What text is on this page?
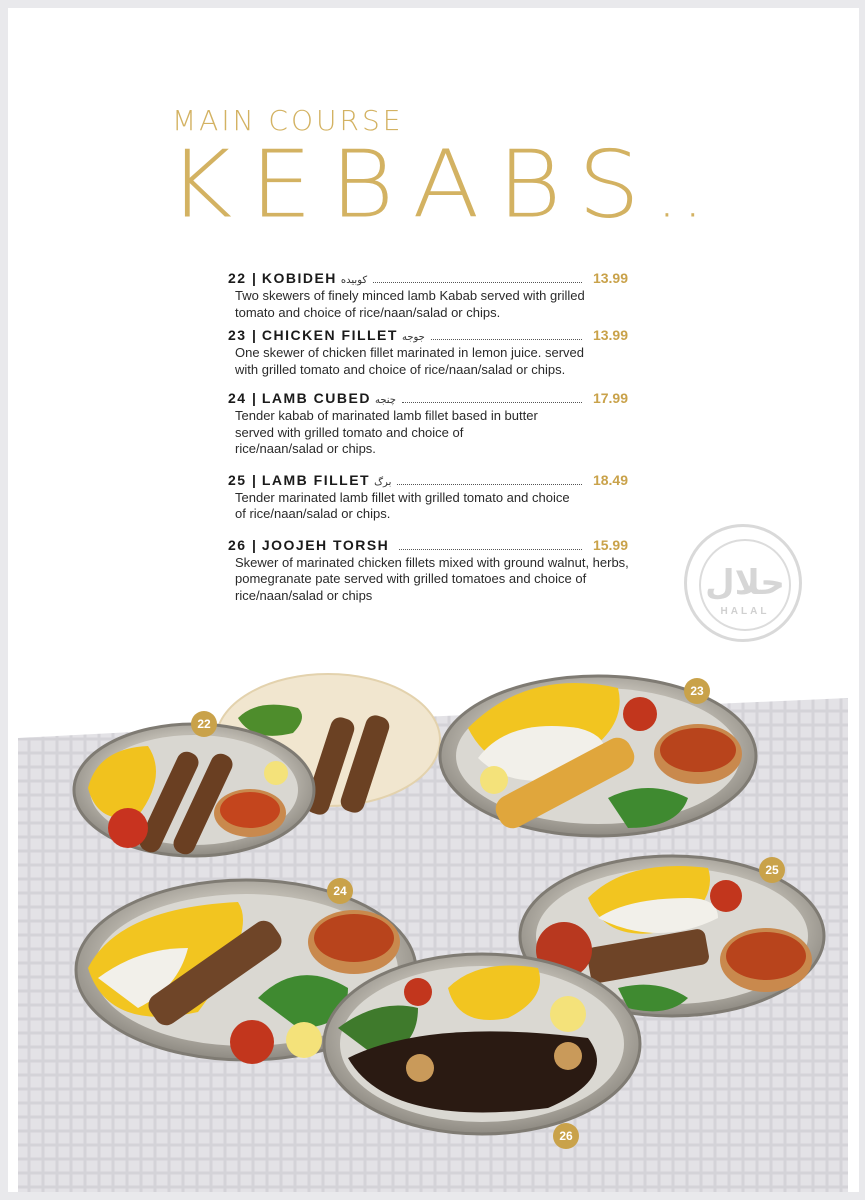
MAIN COURSE
KEBABS..
22 |
KOBIDEH کوبیده	13.99
Two skewers of finely minced lamb Kabab served with grilled tomato and choice of rice/naan/salad or chips.
23 |
CHICKEN FILLET جوجه	13.99
One skewer of chicken fillet marinated in lemon juice. served with grilled tomato and choice of rice/naan/salad or chips.
24 |
LAMB CUBED چنجه	17.99
Tender kabab of marinated lamb fillet based in butter served with grilled tomato and choice of rice/naan/salad or chips.
25 |
LAMB FILLET برگ	18.49
Tender marinated lamb fillet with grilled tomato and choice of rice/naan/salad or chips.
26 |
JOOJEH TORSH	15.99
Skewer of marinated chicken fillets mixed with ground walnut, herbs, pomegranate pate served with grilled tomatoes and choice of rice/naan/salad or chips	حلال
HALAL
22
23
24
25
26
